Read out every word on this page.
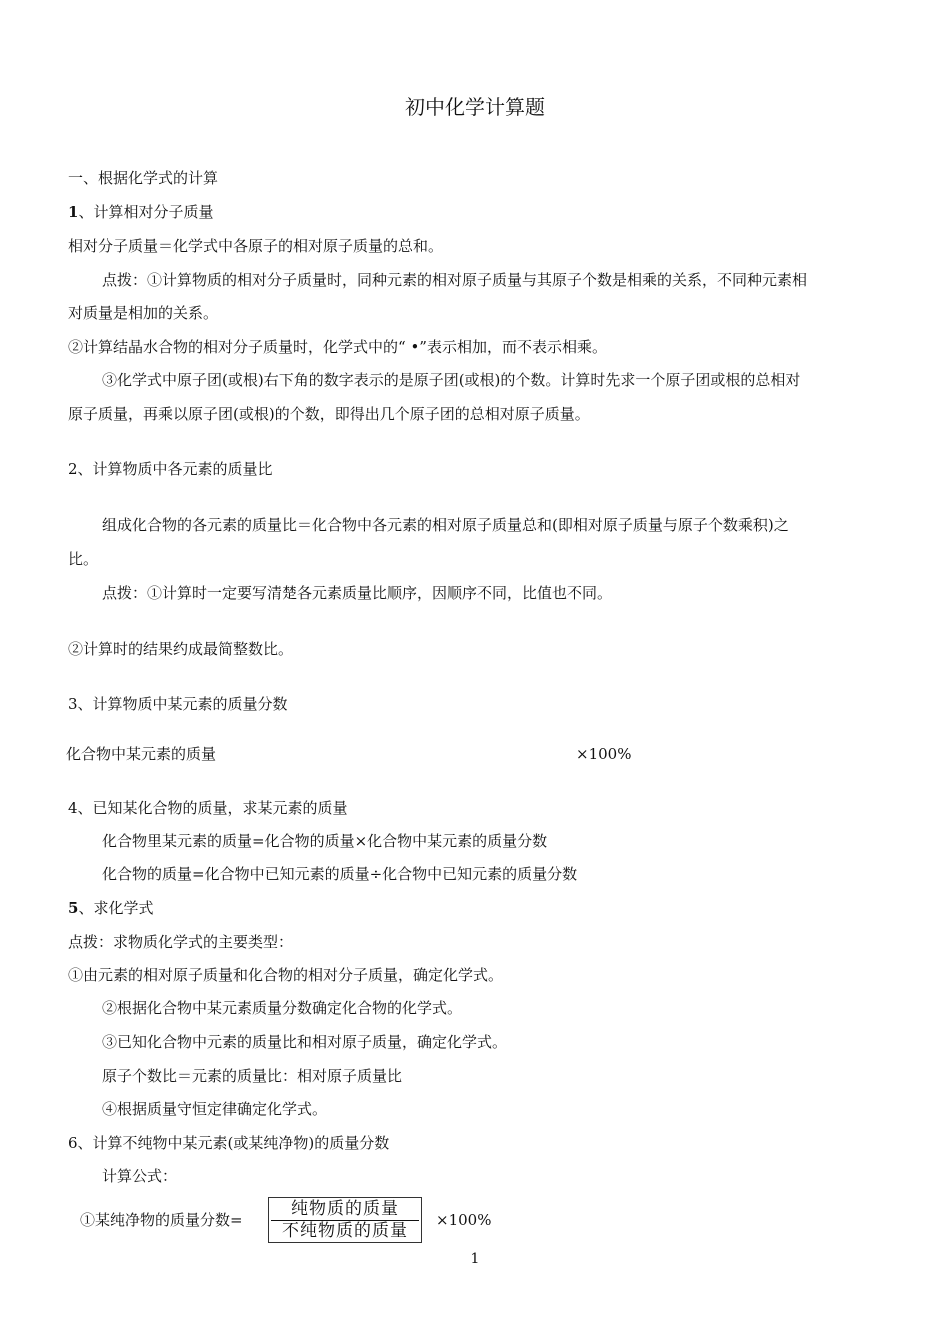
初中化学计算题
一、根据化学式的计算
1、计算相对分子质量
相对分子质量＝化学式中各原子的相对原子质量的总和。
点拨：①计算物质的相对分子质量时，同种元素的相对原子质量与其原子个数是相乘的关系，不同种元素相
对质量是相加的关系。
②计算结晶水合物的相对分子质量时，化学式中的“ •”表示相加，而不表示相乘。
③化学式中原子团(或根)右下角的数字表示的是原子团(或根)的个数。计算时先求一个原子团或根的总相对
原子质量，再乘以原子团(或根)的个数，即得出几个原子团的总相对原子质量。
2、计算物质中各元素的质量比
组成化合物的各元素的质量比＝化合物中各元素的相对原子质量总和(即相对原子质量与原子个数乘积)之
比。
点拨：①计算时一定要写清楚各元素质量比顺序，因顺序不同，比值也不同。
②计算时的结果约成最简整数比。
3、计算物质中某元素的质量分数
化合物中某元素的质量	×100%
4、已知某化合物的质量，求某元素的质量
化合物里某元素的质量=化合物的质量×化合物中某元素的质量分数
化合物的质量=化合物中已知元素的质量÷化合物中已知元素的质量分数
5、求化学式
点拨：求物质化学式的主要类型：
①由元素的相对原子质量和化合物的相对分子质量，确定化学式。
②根据化合物中某元素质量分数确定化合物的化学式。
③已知化合物中元素的质量比和相对原子质量，确定化学式。
原子个数比＝元素的质量比：相对原子质量比
④根据质量守恒定律确定化学式。
6、计算不纯物中某元素(或某纯净物)的质量分数
计算公式：
①某纯净物的质量分数=
纯物质的质量
不纯物质的质量
×100%
1
